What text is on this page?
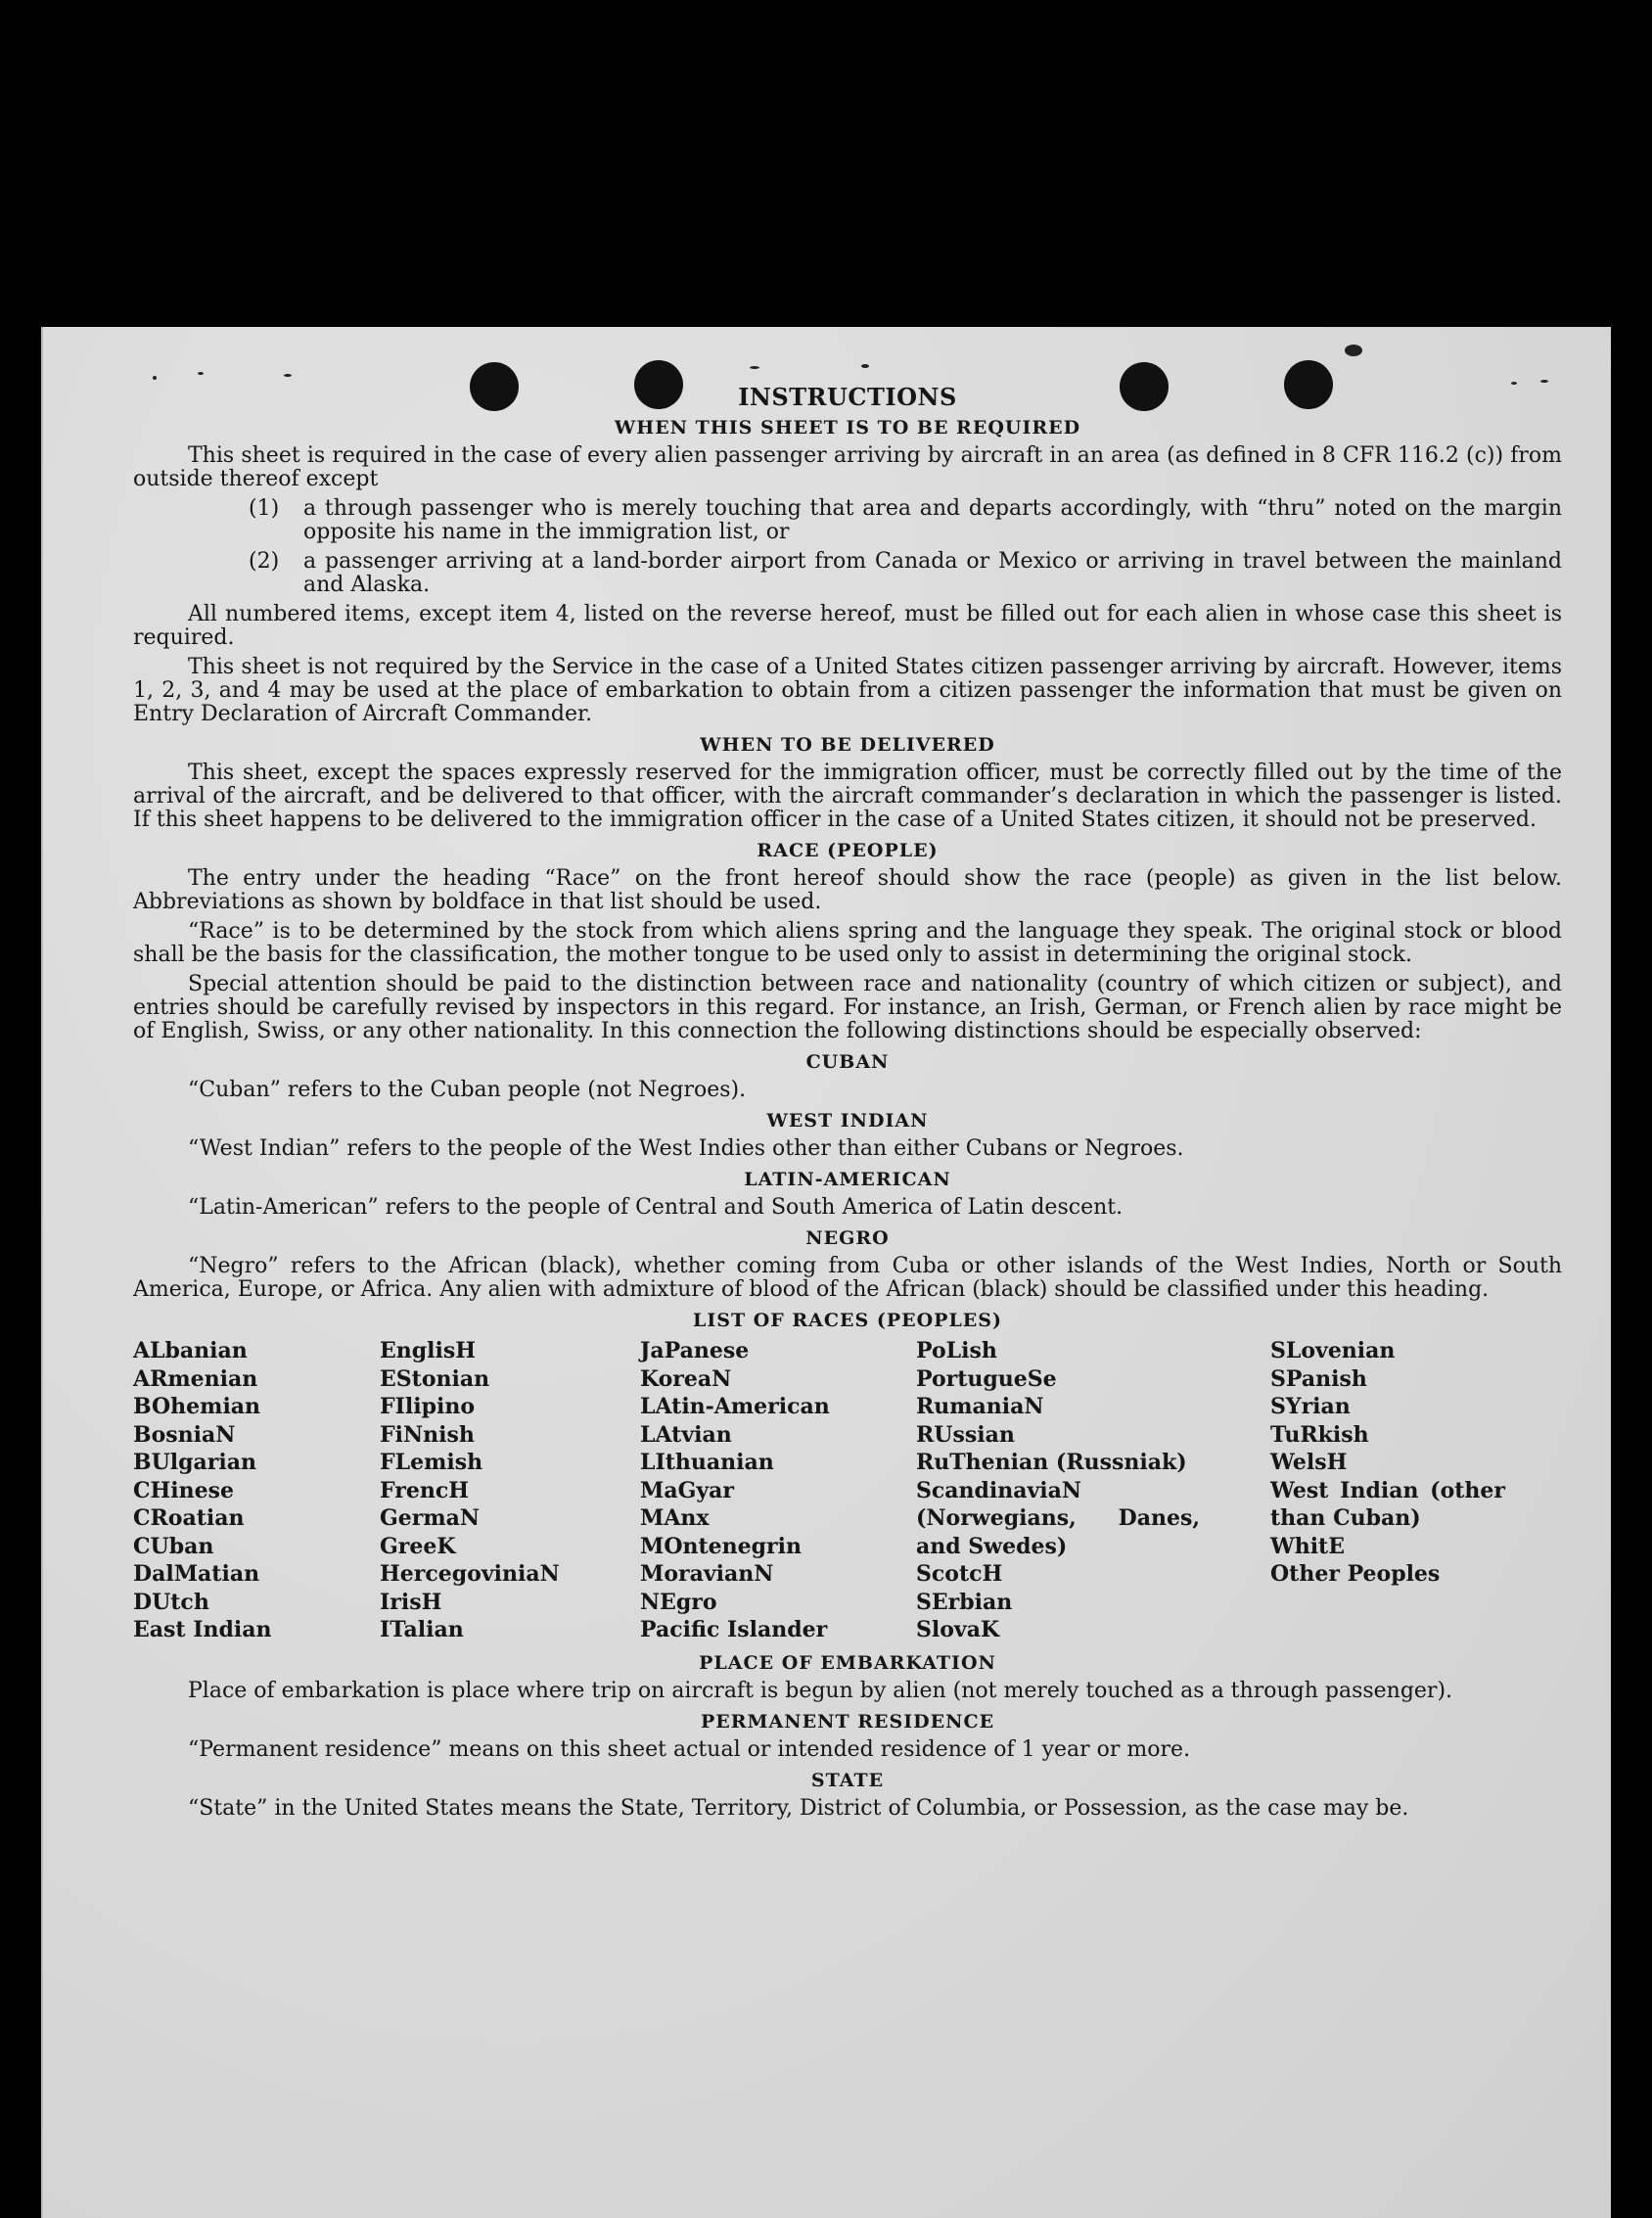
INSTRUCTIONS
WHEN THIS SHEET IS TO BE REQUIRED

This sheet is required in the case of every alien passenger arriving by aircraft in an area (as defined in 8 CFR 116.2 (c)) from outside thereof except

(1)	a through passenger who is merely touching that area and departs accordingly, with “thru” noted on the margin opposite his name in the immigration list, or
(2)	a passenger arriving at a land-border airport from Canada or Mexico or arriving in travel between the mainland and Alaska.

All numbered items, except item 4, listed on the reverse hereof, must be filled out for each alien in whose case this sheet is required.

This sheet is not required by the Service in the case of a United States citizen passenger arriving by aircraft. However, items 1, 2, 3, and 4 may be used at the place of embarkation to obtain from a citizen passenger the information that must be given on Entry Declaration of Aircraft Commander.

WHEN TO BE DELIVERED

This sheet, except the spaces expressly reserved for the immigration officer, must be correctly filled out by the time of the arrival of the aircraft, and be delivered to that officer, with the aircraft commander’s declaration in which the passenger is listed. If this sheet happens to be delivered to the immigration officer in the case of a United States citizen, it should not be preserved.

RACE (PEOPLE)

The entry under the heading “Race” on the front hereof should show the race (people) as given in the list below. Abbreviations as shown by boldface in that list should be used.

“Race” is to be determined by the stock from which aliens spring and the language they speak. The original stock or blood shall be the basis for the classification, the mother tongue to be used only to assist in determining the original stock.

Special attention should be paid to the distinction between race and nationality (country of which citizen or subject), and entries should be carefully revised by inspectors in this regard. For instance, an Irish, German, or French alien by race might be of English, Swiss, or any other nationality. In this connection the following distinctions should be especially observed:

CUBAN

“Cuban” refers to the Cuban people (not Negroes).

WEST INDIAN

“West Indian” refers to the people of the West Indies other than either Cubans or Negroes.

LATIN-AMERICAN

“Latin-American” refers to the people of Central and South America of Latin descent.

NEGRO

“Negro” refers to the African (black), whether coming from Cuba or other islands of the West Indies, North or South America, Europe, or Africa. Any alien with admixture of blood of the African (black) should be classified under this heading.

LIST OF RACES (PEOPLES)
ALbanian
ARmenian
BOhemian
BosniaN
BUlgarian
CHinese
CRoatian
CUban
DalMatian
DUtch
East Indian
EnglisH
EStonian
FIlipino
FiNnish
FLemish
FrencH
GermaN
GreeK
HercegoviniaN
IrisH
ITalian
JaPanese
KoreaN
LAtin-American
LAtvian
LIthuanian
MaGyar
MAnx
MOntenegrin
MoravianN
NEgro
Pacific Islander
PoLish
PortugueSe
RumaniaN
RUssian
RuThenian (Russniak)
ScandinaviaN (Norwegians, Danes, and Swedes)
ScotcH
SErbian
SlovaK
SLovenian
SPanish
SYrian
TuRkish
WelsH
West Indian (other than Cuban)
WhitE
Other Peoples
PLACE OF EMBARKATION

Place of embarkation is place where trip on aircraft is begun by alien (not merely touched as a through passenger).

PERMANENT RESIDENCE

“Permanent residence” means on this sheet actual or intended residence of 1 year or more.

STATE

“State” in the United States means the State, Territory, District of Columbia, or Possession, as the case may be.
